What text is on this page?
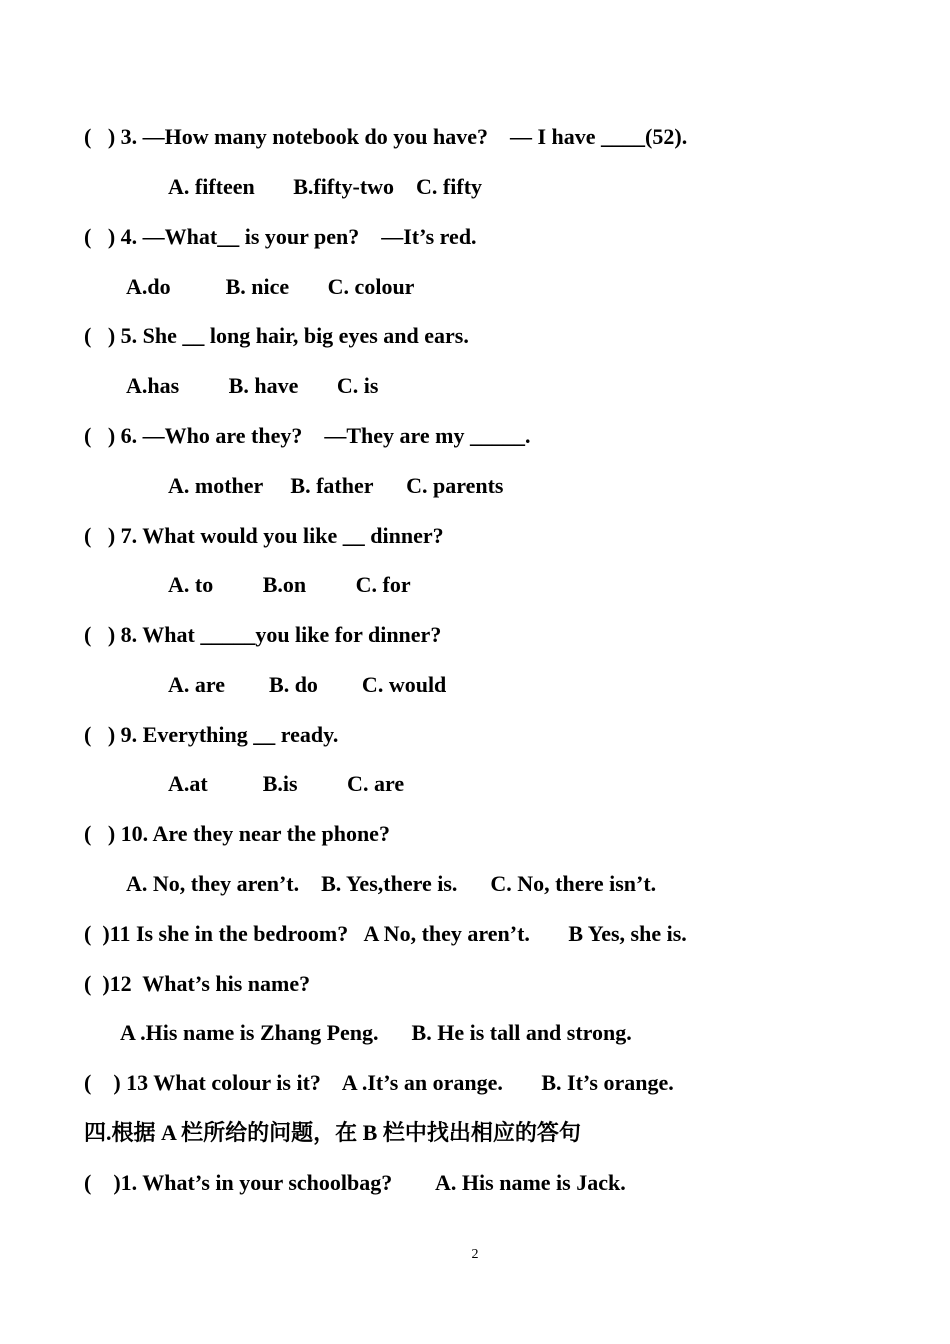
(   ) 3. —How many notebook do you have?    — I have ____(52).
A. fifteen       B.fifty-two    C. fifty
(   ) 4. —What__ is your pen?    —It’s red.
A.do          B. nice       C. colour
(   ) 5. She __ long hair, big eyes and ears.
A.has         B. have       C. is
(   ) 6. —Who are they?    —They are my _____.
A. mother     B. father      C. parents
(   ) 7. What would you like __ dinner?
A. to         B.on         C. for
(   ) 8. What _____you like for dinner?
A. are        B. do        C. would
(   ) 9. Everything __ ready.
A.at          B.is         C. are
(   ) 10. Are they near the phone?
A. No, they aren’t.    B. Yes,there is.      C. No, there isn’t.
(  )11 Is she in the bedroom?   A No, they aren’t.       B Yes, she is.
(  )12  What’s his name?
A .His name is Zhang Peng.      B. He is tall and strong.
(    ) 13 What colour is it?    A .It’s an orange.       B. It’s orange.
四.根据 A 栏所给的问题，在 B 栏中找出相应的答句
(    )1. What’s in your schoolbag?        A. His name is Jack.
2
